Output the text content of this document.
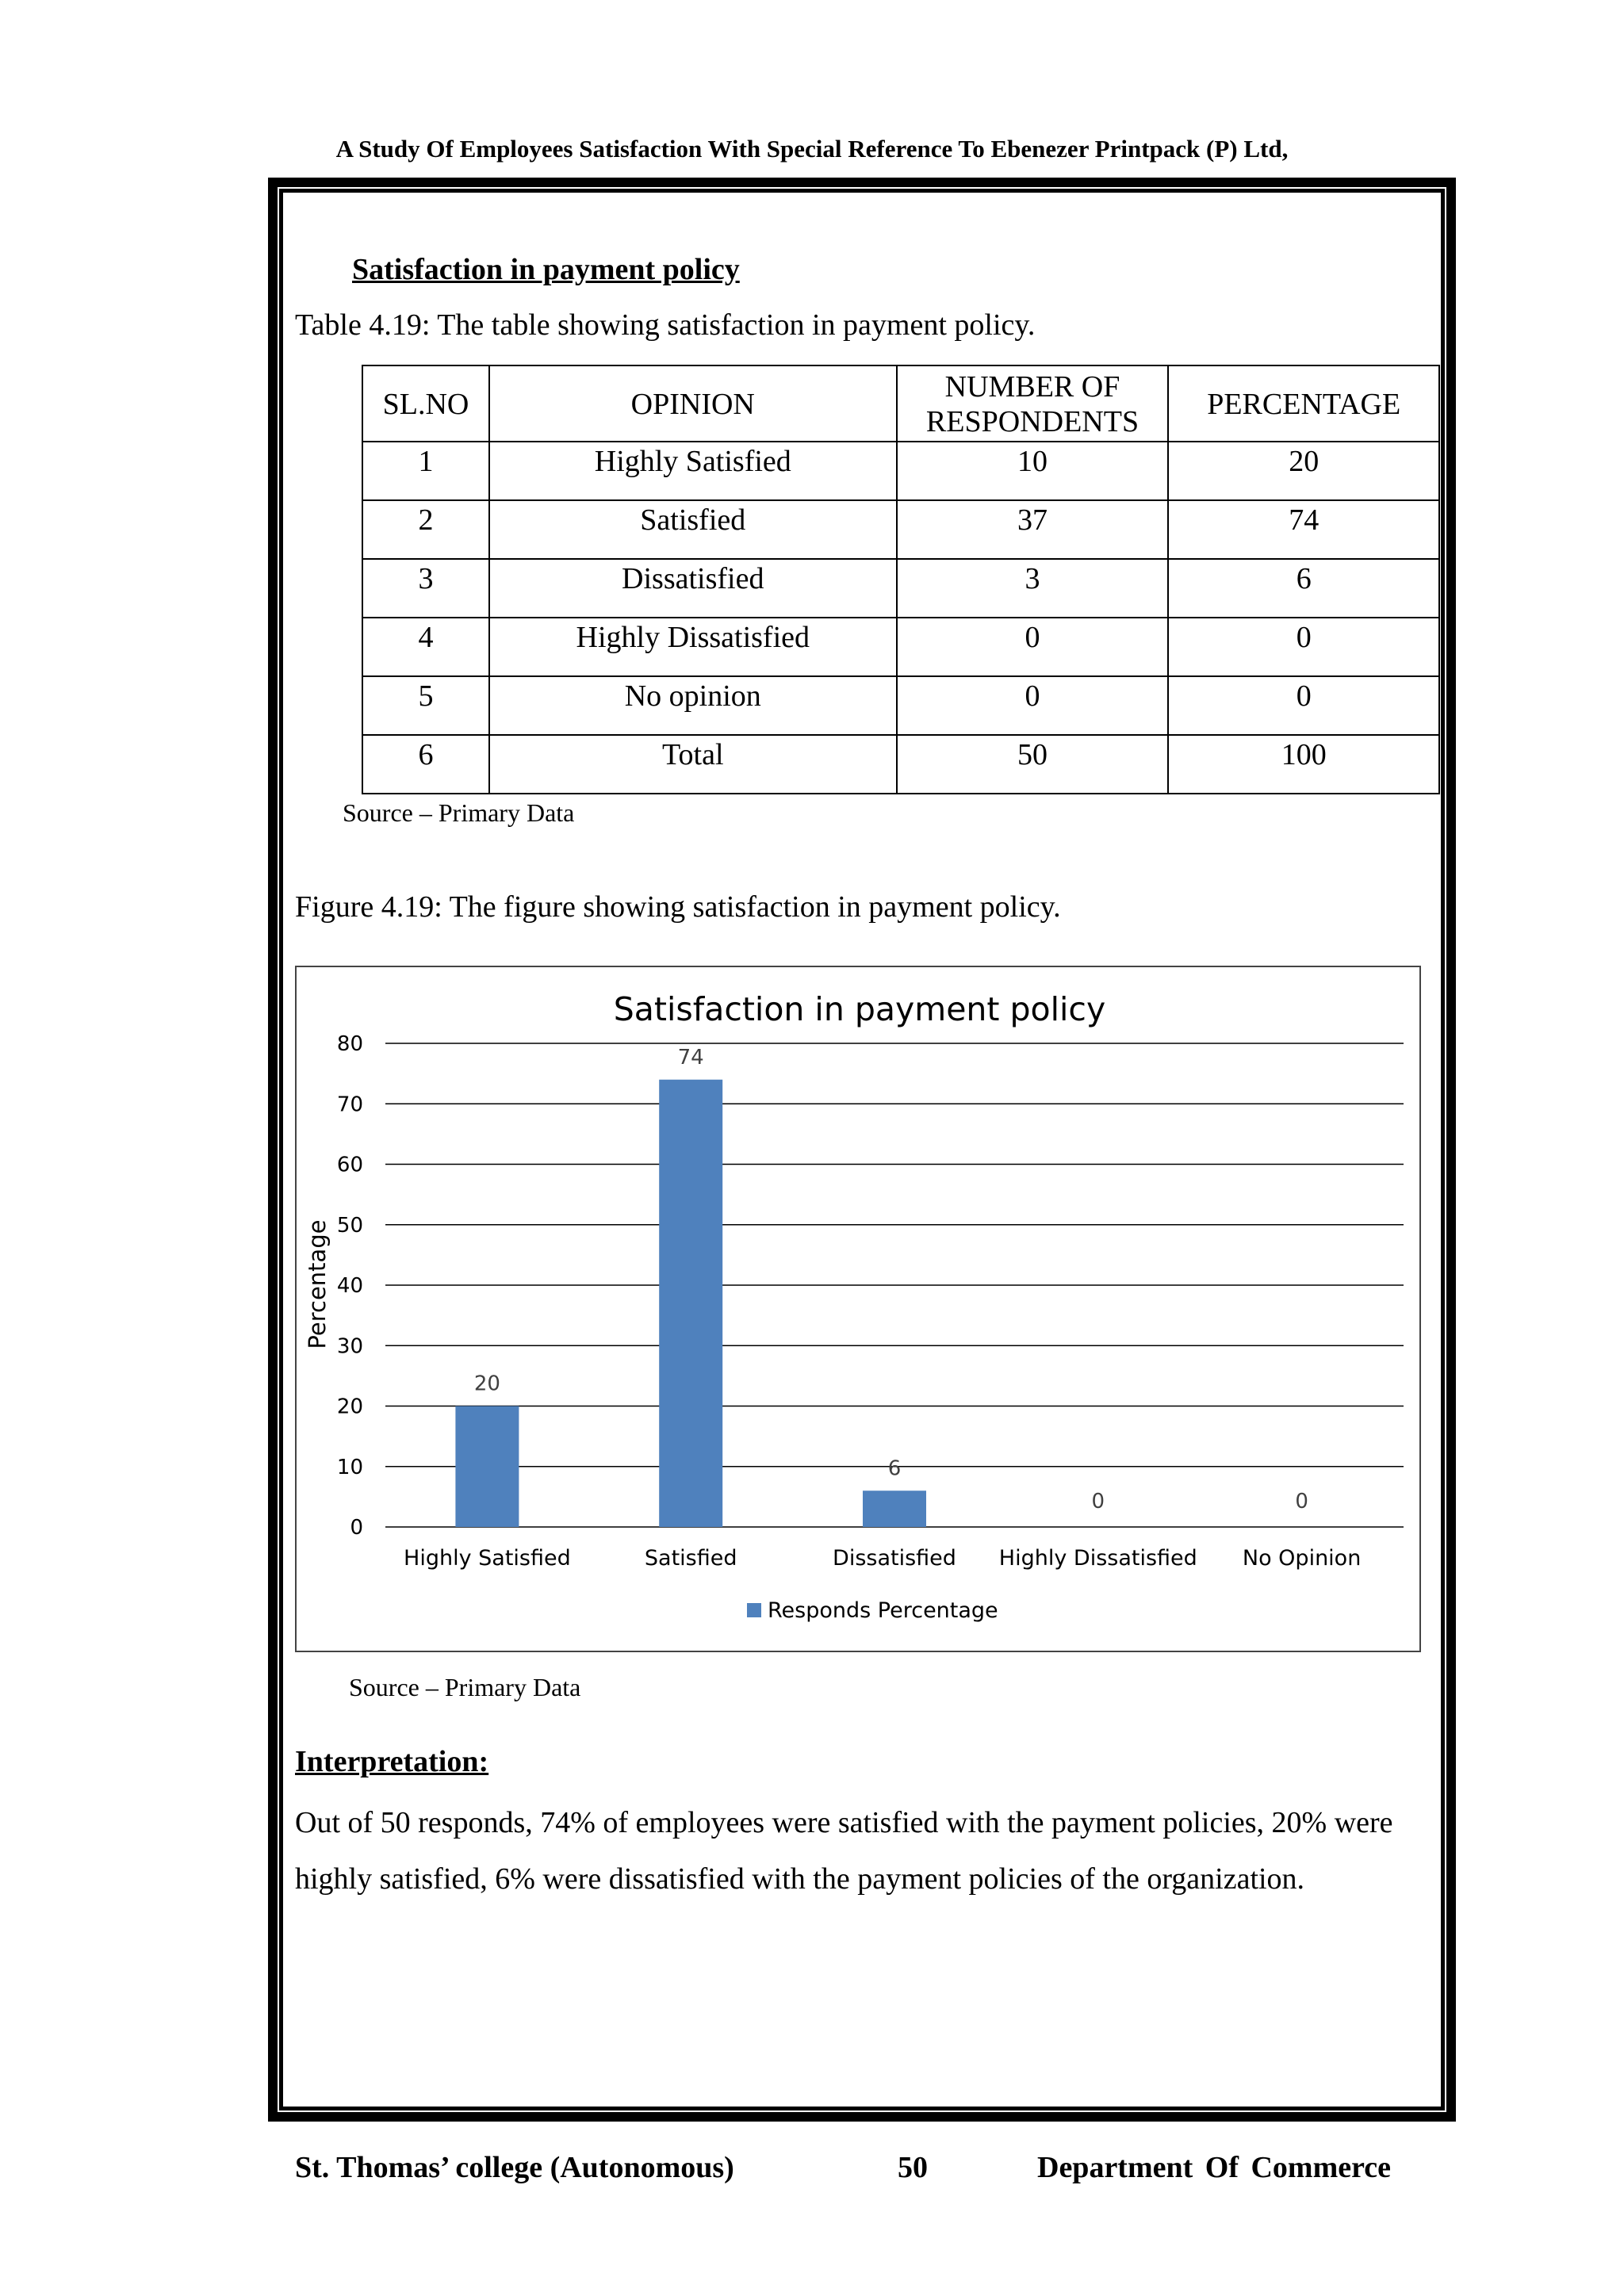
A Study Of Employees Satisfaction With Special Reference To Ebenezer Printpack (P) Ltd,
Satisfaction in payment policy
Table 4.19: The table showing satisfaction in payment policy.
SL.NO	OPINION	NUMBER OF RESPONDENTS	PERCENTAGE
1	Highly Satisfied	10	20
2	Satisfied	37	74
3	Dissatisfied	3	6
4	Highly Dissatisfied	0	0
5	No opinion	0	0
6	Total	50	100
Source – Primary Data
Figure 4.19: The figure showing satisfaction in payment policy.
Satisfaction in payment policy
0
10
20
30
40
50
60
70
80
Percentage
20
Highly Satisfied
74
Satisfied
6
Dissatisfied
0
Highly Dissatisfied
0
No Opinion
Responds Percentage
Source – Primary Data
Interpretation:
Out of 50 responds, 74% of employees were satisfied with the payment policies, 20% were highly satisfied, 6% were dissatisfied with the payment policies of the organization.
St. Thomas’ college (Autonomous)	50	Department Of Commerce
